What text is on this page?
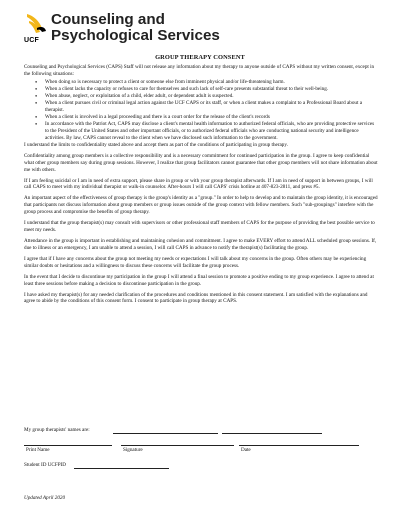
UCF
Counseling and
Psychological Services
GROUP THERAPY CONSENT

Counseling and Psychological Services (CAPS) Staff will not release any information about my therapy to anyone outside of CAPS without my written consent, except in the following situations:

● When doing so is necessary to protect a client or someone else from imminent physical and/or life-threatening harm.
● When a client lacks the capacity or refuses to care for themselves and such lack of self-care presents substantial threat to their well-being.
● When abuse, neglect, or exploitation of a child, elder adult, or dependent adult is suspected.
● When a client pursues civil or criminal legal action against the UCF CAPS or its staff, or when a client makes a complaint to a Professional Board about a therapist.
● When a client is involved in a legal proceeding and there is a court order for the release of the client's records
● In accordance with the Patriot Act, CAPS may disclose a client's mental health information to authorized federal officials, who are providing protective services to the President of the United States and other important officials, or to authorized federal officials who are conducting national security and intelligence activities. By law, CAPS cannot reveal to the client when we have disclosed such information to the government.

I understand the limits to confidentiality stated above and accept them as part of the conditions of participating in group therapy.

Confidentiality among group members is a collective responsibility and is a necessary commitment for continued participation in the group. I agree to keep confidential what other group members say during group sessions. However, I realize that group facilitators cannot guarantee that other group members will not share information about me with others.

If I am feeling suicidal or I am in need of extra support, please share in group or with your group therapist afterwards. If I am in need of support in between groups, I will call CAPS to meet with my individual therapist or walk-in counselor. After-hours I will call CAPS' crisis hotline at 407-823-2811, and press #5.

An important aspect of the effectiveness of group therapy is the group's identity as a "group." In order to help to develop and to maintain the group identity, it is encouraged that participants not discuss information about group members or group issues outside of the group context with fellow members. Such "sub-groupings" interfere with the group process and compromise the benefits of group therapy.

I understand that the group therapist(s) may consult with supervisors or other professional staff members of CAPS for the purpose of providing the best possible service to meet my needs.

Attendance in the group is important in establishing and maintaining cohesion and commitment. I agree to make EVERY effort to attend ALL scheduled group sessions. If, due to illness or an emergency, I am unable to attend a session, I will call CAPS in advance to notify the therapist(s) facilitating the group.

I agree that if I have any concerns about the group not meeting my needs or expectations I will talk about my concerns in the group. Often others may be experiencing similar doubts or hesitations and a willingness to discuss these concerns will facilitate the group process.

In the event that I decide to discontinue my participation in the group I will attend a final session to promote a positive ending to my group experience. I agree to attend at least three sessions before making a decision to discontinue participation in the group.

I have asked my therapist(s) for any needed clarification of the procedures and conditions mentioned in this consent statement. I am satisfied with the explanations and agree to abide by the conditions of this consent form. I consent to participate in group therapy at CAPS.

My group therapists' names are:
Print Name	Signature	Date
Student ID UCFPID
Updated April 2020
